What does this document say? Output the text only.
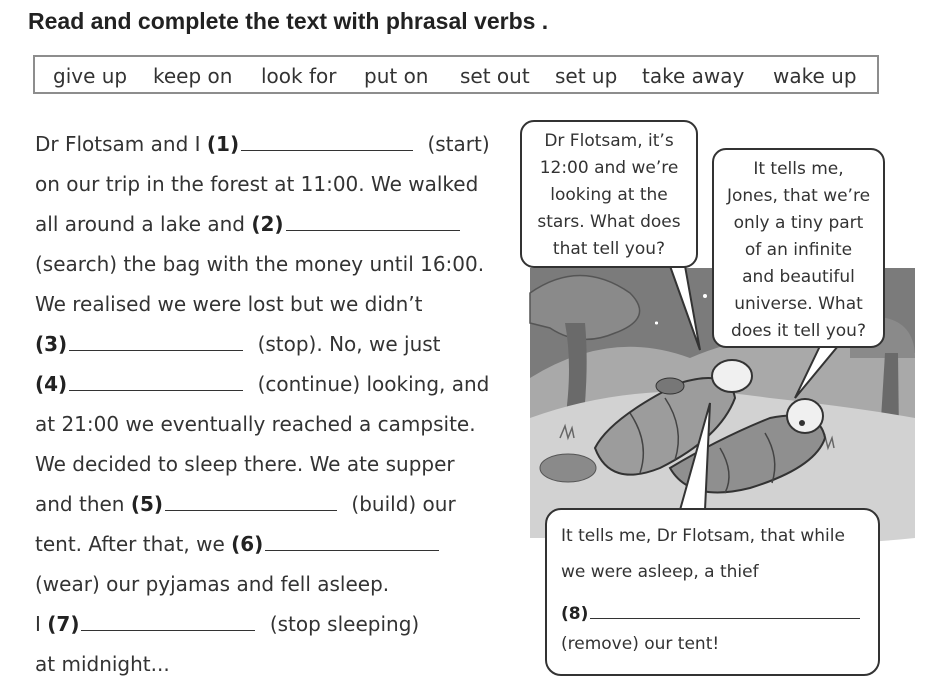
Read and complete the text with phrasal verbs .
give up keep on look for put on set out set up take away wake up
Dr Flotsam and I (1)	(start)
on our trip in the forest at 11:00. We walked
all around a lake and (2)
(search) the bag with the money until 16:00.
We realised we were lost but we didn’t
(3)	(stop). No, we just
(4)	(continue) looking, and
at 21:00 we eventually reached a campsite.
We decided to sleep there. We ate supper
and then (5)	(build) our
tent. After that, we (6)
(wear) our pyjamas and fell asleep.
I (7)	(stop sleeping)
at midnight...
Dr Flotsam, it’s
12:00 and we’re
looking at the
stars. What does
that tell you?
It tells me,
Jones, that we’re
only a tiny part
of an infinite
and beautiful
universe. What
does it tell you?
It tells me, Dr Flotsam, that while
we were asleep, a thief
(8)
(remove) our tent!
